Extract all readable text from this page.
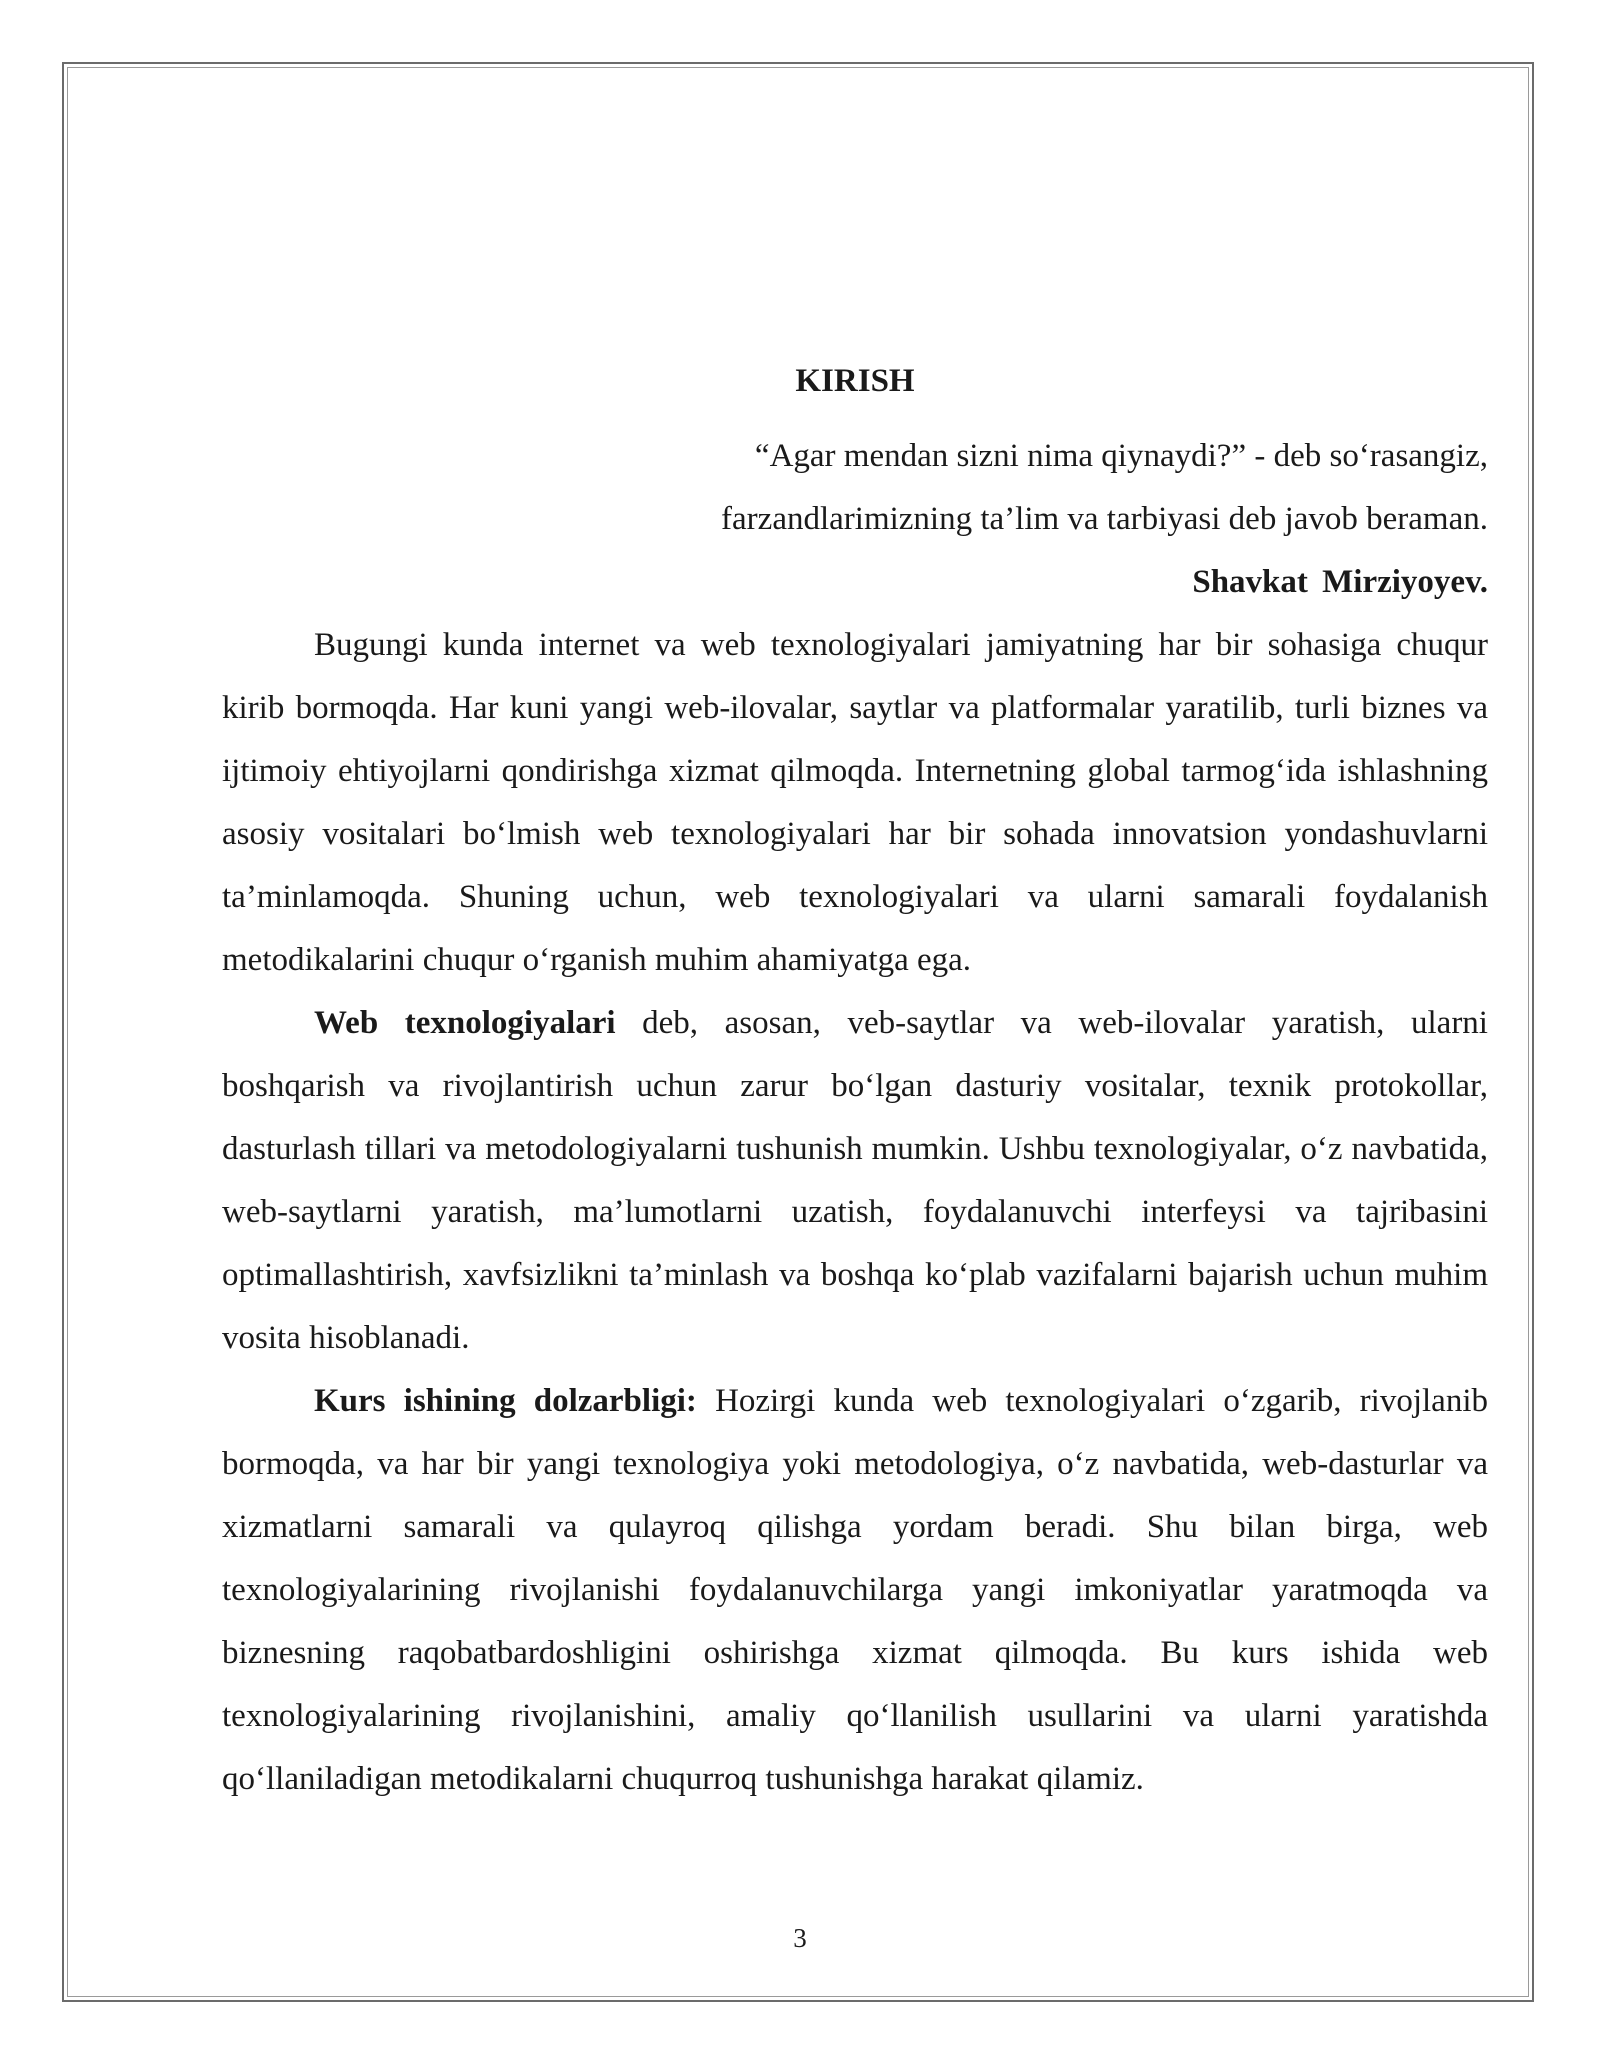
KIRISH

“Agar mendan sizni nima qiynaydi?” - deb so‘rasangiz,

farzandlarimizning ta’lim va tarbiyasi deb javob beraman.

Shavkat Mirziyoyev.

Bugungi kunda internet va web texnologiyalari jamiyatning har bir sohasiga chuqur kirib bormoqda. Har kuni yangi web-ilovalar, saytlar va platformalar yaratilib, turli biznes va ijtimoiy ehtiyojlarni qondirishga xizmat qilmoqda. Internetning global tarmog‘ida ishlashning asosiy vositalari bo‘lmish web texnologiyalari har bir sohada innovatsion yondashuvlarni ta’minlamoqda. Shuning uchun, web texnologiyalari va ularni samarali foydalanish metodikalarini chuqur o‘rganish muhim ahamiyatga ega.

Web texnologiyalari deb, asosan, veb-saytlar va web-ilovalar yaratish, ularni boshqarish va rivojlantirish uchun zarur bo‘lgan dasturiy vositalar, texnik protokollar, dasturlash tillari va metodologiyalarni tushunish mumkin. Ushbu texnologiyalar, o‘z navbatida, web-saytlarni yaratish, ma’lumotlarni uzatish, foydalanuvchi interfeysi va tajribasini optimallashtirish, xavfsizlikni ta’minlash va boshqa ko‘plab vazifalarni bajarish uchun muhim vosita hisoblanadi.

Kurs ishining dolzarbligi: Hozirgi kunda web texnologiyalari o‘zgarib, rivojlanib bormoqda, va har bir yangi texnologiya yoki metodologiya, o‘z navbatida, web-dasturlar va xizmatlarni samarali va qulayroq qilishga yordam beradi. Shu bilan birga, web texnologiyalarining rivojlanishi foydalanuvchilarga yangi imkoniyatlar yaratmoqda va biznesning raqobatbardoshligini oshirishga xizmat qilmoqda. Bu kurs ishida web texnologiyalarining rivojlanishini, amaliy qo‘llanilish usullarini va ularni yaratishda qo‘llaniladigan metodikalarni chuqurroq tushunishga harakat qilamiz.

3
